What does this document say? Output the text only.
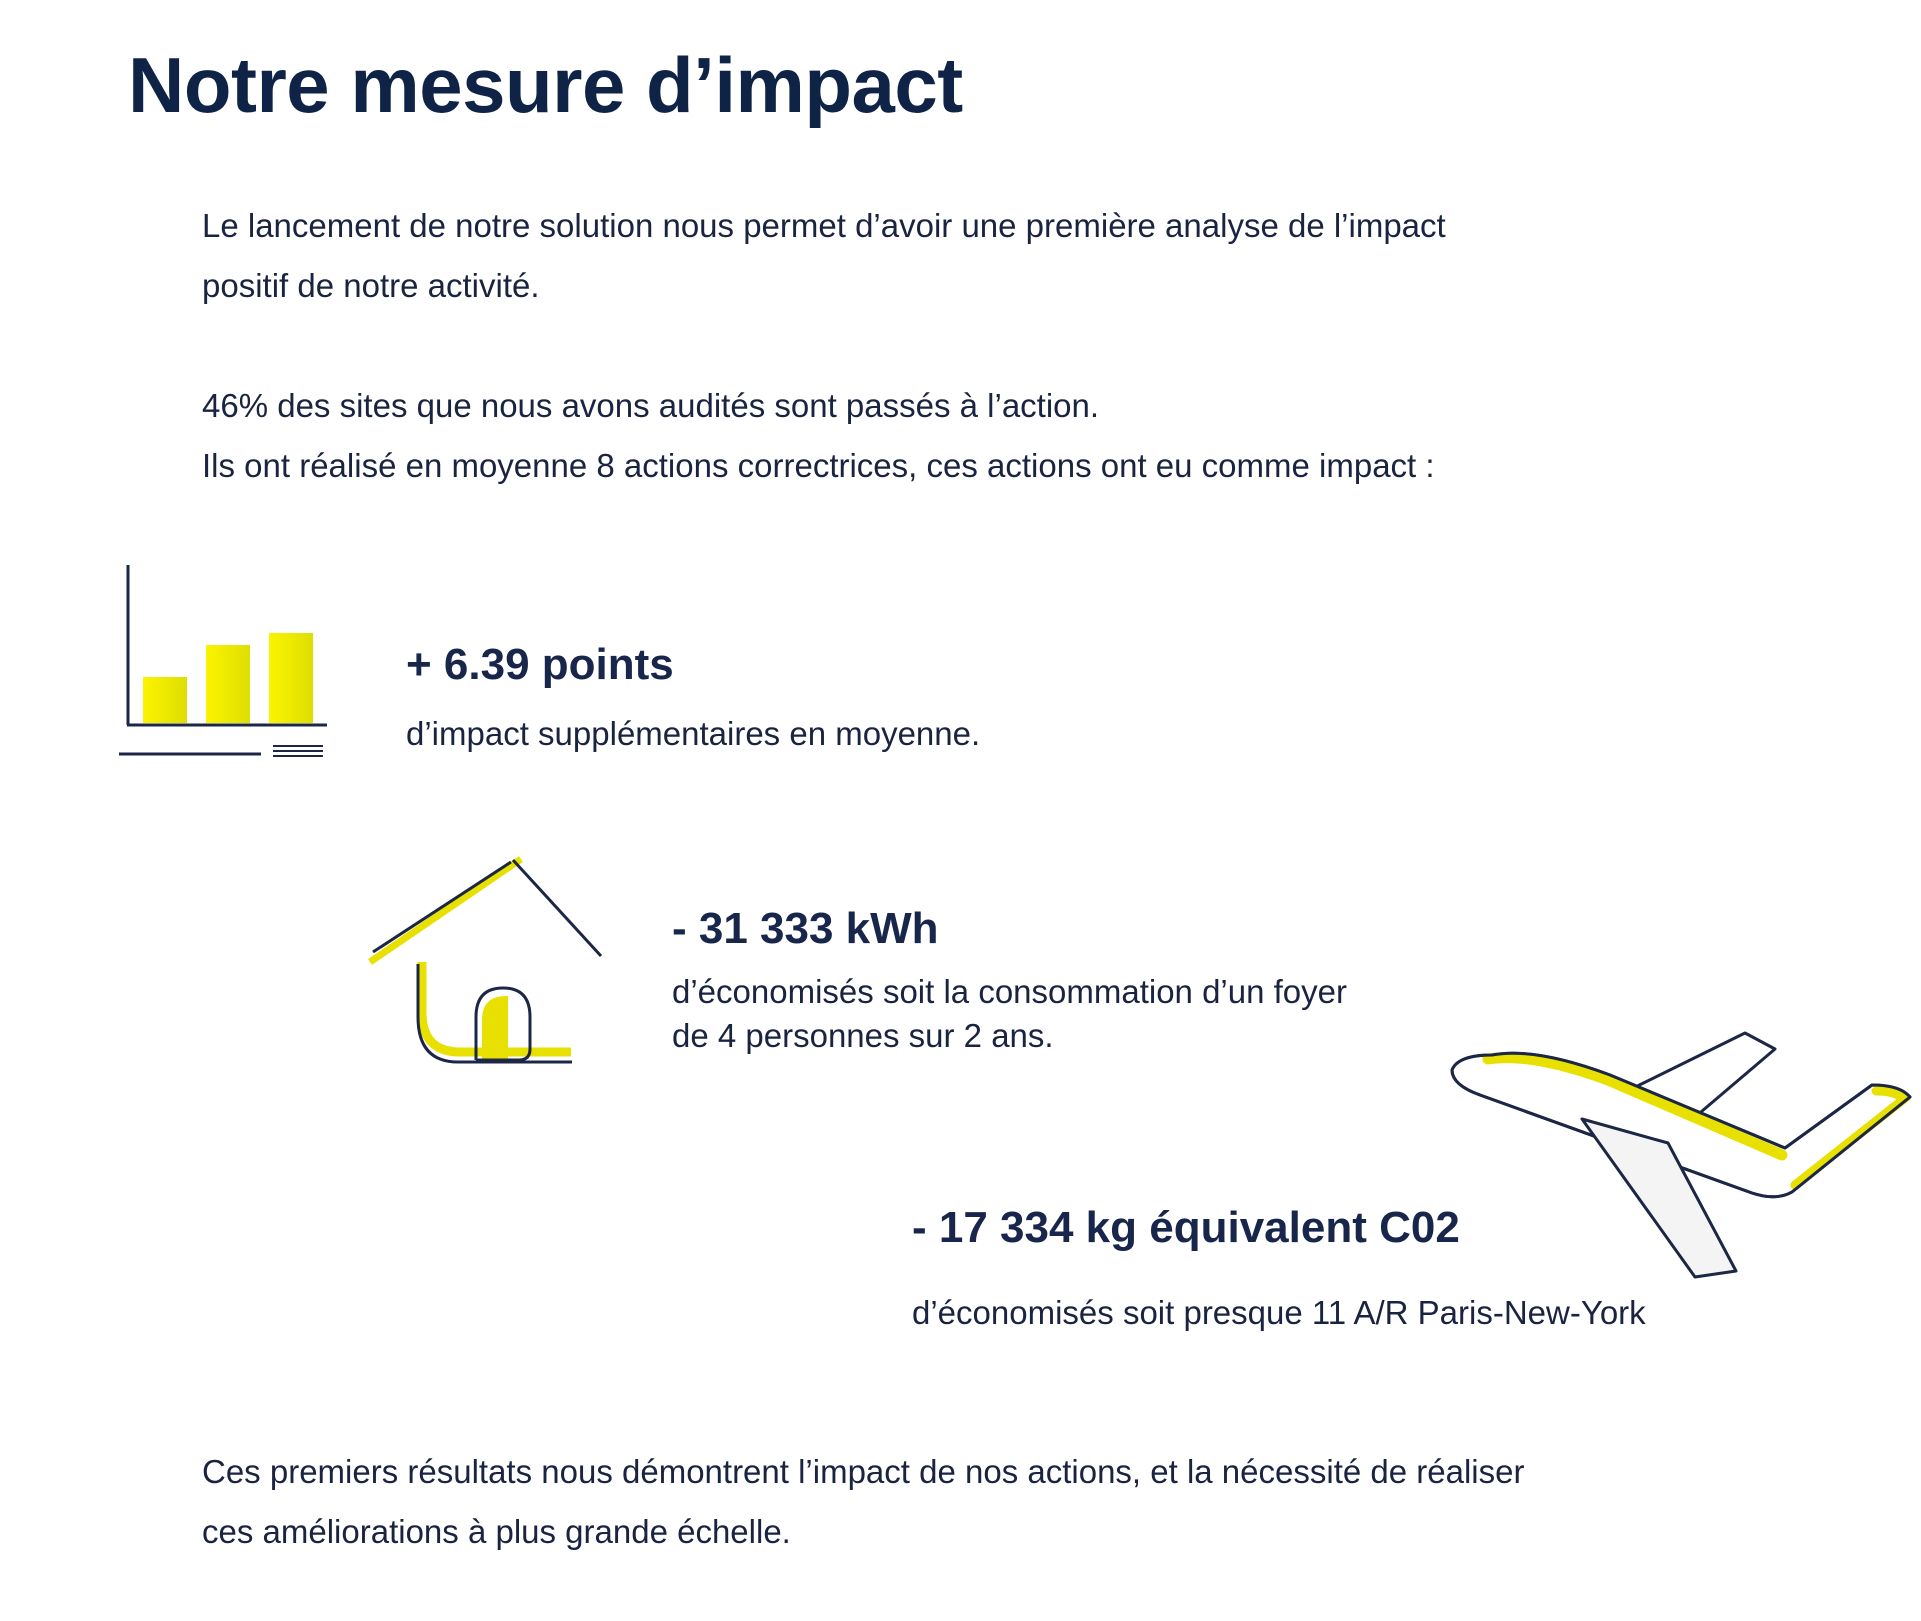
Notre mesure d’impact

Le lancement de notre solution nous permet d’avoir une première analyse de l’impact

positif de notre activité.

46% des sites que nous avons audités sont passés à l’action.

Ils ont réalisé en moyenne 8 actions correctrices, ces actions ont eu comme impact :

+ 6.39 points

d’impact supplémentaires en moyenne.

- 31 333 kWh

d’économisés soit la consommation d’un foyer

de 4 personnes sur 2 ans.

- 17 334 kg équivalent C02

d’économisés soit presque 11 A/R Paris-New-York

Ces premiers résultats nous démontrent l’impact de nos actions, et la nécessité de réaliser

ces améliorations à plus grande échelle.
